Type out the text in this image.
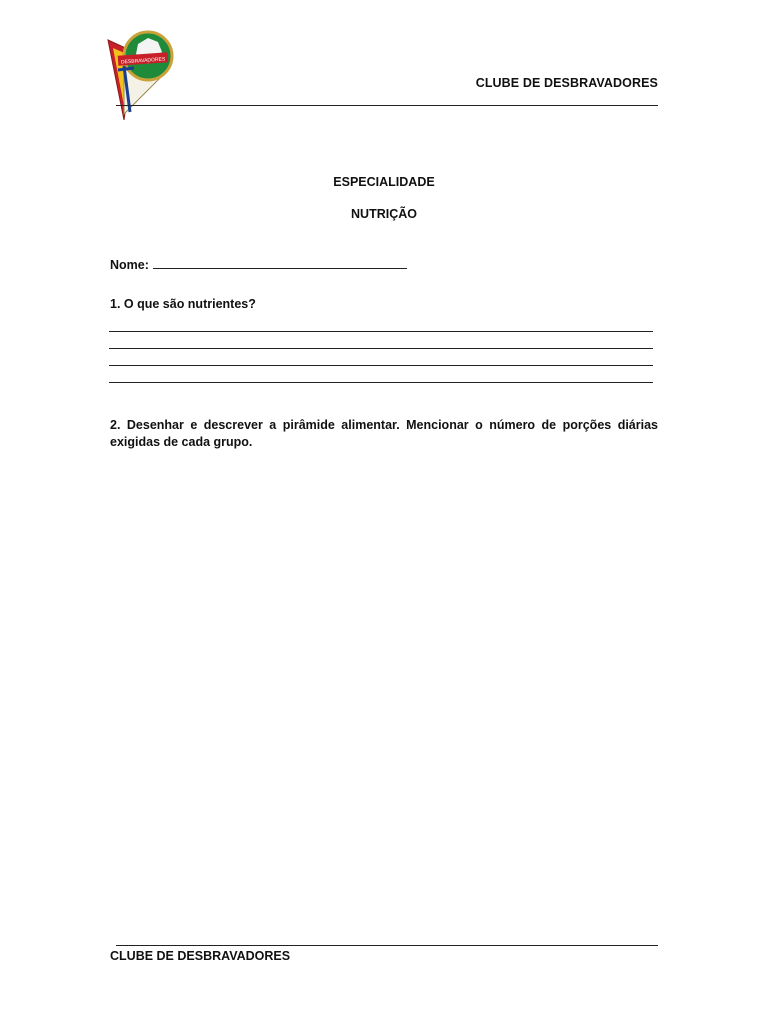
DESBRAVADORES
CLUBE DE DESBRAVADORES
ESPECIALIDADE
NUTRIÇÃO
Nome:
1. O que são nutrientes?
2. Desenhar e descrever a pirâmide alimentar. Mencionar o número de porções diárias exigidas de cada grupo.
CLUBE DE DESBRAVADORES
